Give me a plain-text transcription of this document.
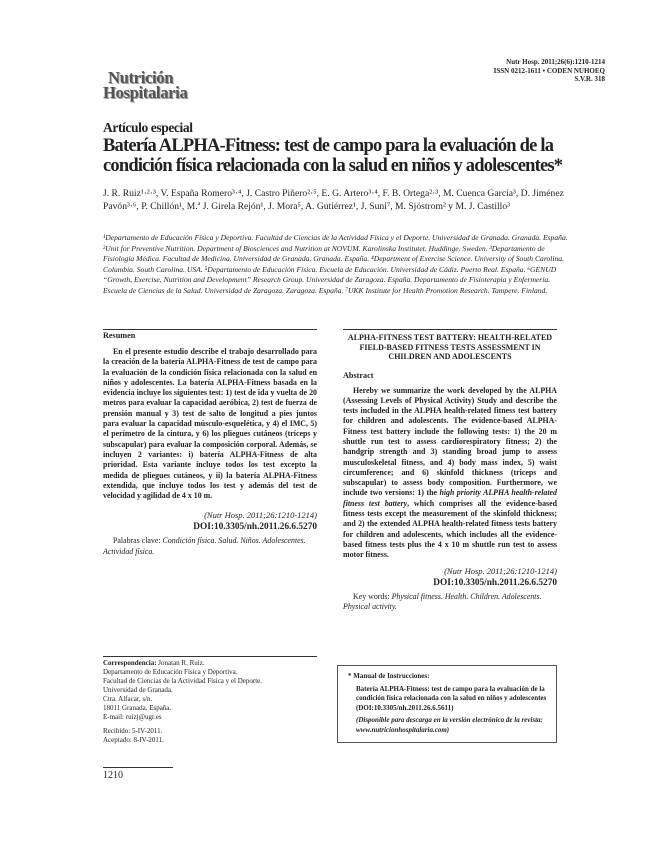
Nutr Hosp. 2011;26(6):1210-1214
ISSN 0212-1611 • CODEN NUHOEQ
S.V.R. 318
Nutrición
Hospitalaria
Artículo especial
Batería ALPHA-Fitness: test de campo para la evaluación de la condición física relacionada con la salud en niños y adolescentes*
J. R. Ruiz¹·²·³, V. España Romero³·⁴, J. Castro Piñero²·⁵, E. G. Artero³·⁴, F. B. Ortega²·³, M. Cuenca García³, D. Jiménez Pavón³·⁶, P. Chillón¹, M.ª J. Girela Rejón¹, J. Mora⁵, A. Gutiérrez¹, J. Suni⁷, M. Sjöstrom² y M. J. Castillo³
¹Departamento de Educación Física y Deportiva. Facultad de Ciencias de la Actividad Física y el Deporte. Universidad de Granada. Granada. España. ²Unit for Preventive Nutrition. Department of Biosciences and Nutrition at NOVUM. Karolinska Institutet. Huddinge. Sweden. ³Departamento de Fisiología Médica. Facultad de Medicina. Universidad de Granada. Granada. España. ⁴Department of Exercise Science. University of South Carolina. Columbia. South Carolina. USA. ⁵Departamento de Educación Física. Escuela de Educación. Universidad de Cádiz. Puerto Real. España. ⁶GENUD “Growth, Exercise, Nutrition and Development” Research Group. Universidad de Zaragoza. España. Departamento de Fisioterapia y Enfermería. Escuela de Ciencias de la Salud. Universidad de Zaragoza. Zaragoza. España. ⁷UKK Institute for Health Promotion Research. Tampere. Finland.
Resumen
En el presente estudio describe el trabajo desarrollado para la creación de la batería ALPHA-Fitness de test de campo para la evaluación de la condición física relacionada con la salud en niños y adolescentes. La batería ALPHA-Fitness basada en la evidencia incluye los siguientes test: 1) test de ida y vuelta de 20 metros para evaluar la capacidad aeróbica, 2) test de fuerza de prensión manual y 3) test de salto de longitud a pies juntos para evaluar la capacidad músculo-esquelética, y 4) el IMC, 5) el perímetro de la cintura, y 6) los pliegues cutáneos (tríceps y subscapular) para evaluar la composición corporal. Además, se incluyen 2 variantes: i) batería ALPHA-Fitness de alta prioridad. Esta variante incluye todos los test excepto la medida de pliegues cutáneos, y ii) la batería ALPHA-Fitness extendida, que incluye todos los test y además del test de velocidad y agilidad de 4 x 10 m.
(Nutr Hosp. 2011;26:1210-1214)
DOI:10.3305/nh.2011.26.6.5270
Palabras clave: Condición física. Salud. Niños. Adolescentes. Actividad física.
ALPHA-FITNESS TEST BATTERY: HEALTH-RELATED FIELD-BASED FITNESS TESTS ASSESSMENT IN CHILDREN AND ADOLESCENTS
Abstract
Hereby we summarize the work developed by the ALPHA (Assessing Levels of Physical Activity) Study and describe the tests included in the ALPHA health-related fitness test battery for children and adolescents. The evidence-based ALPHA-Fitness test battery include the following tests: 1) the 20 m shuttle run test to assess cardiorespiratory fitness; 2) the handgrip strength and 3) standing broad jump to assess musculoskeletal fitness, and 4) body mass index, 5) waist circumference; and 6) skinfold thickness (triceps and subscapular) to assess body composition. Furthermore, we include two versions: 1) the high priority ALPHA health-related fitness test battery, which comprises all the evidence-based fitness tests except the measurement of the skinfold thickness; and 2) the extended ALPHA health-related fitness tests battery for children and adolescents, which includes all the evidence-based fitness tests plus the 4 x 10 m shuttle run test to assess motor fitness.
(Nutr Hosp. 2011;26:1210-1214)
DOI:10.3305/nh.2011.26.6.5270
Key words: Physical fitness. Health. Children. Adolescents. Physical activity.
Correspondencia: Jonatan R. Ruiz.
Departamento de Educación Física y Deportiva.
Facultad de Ciencias de la Actividad Física y el Deporte.
Universidad de Granada.
Ctra. Alfacar, s/n.
18011 Granada. España.
E-mail: ruizj@ugr.es
Recibido: 5-IV-2011.
Aceptado: 8-IV-2011.
* Manual de Instrucciones:
Batería ALPHA-Fitness: test de campo para la evaluación de la condición física relacionada con la salud en niños y adolescentes (DOI:10.3305/nh.2011.26.6.5611)
(Disponible para descarga en la versión electrónica de la revista: www.nutricionhospitalaria.com)
1210
